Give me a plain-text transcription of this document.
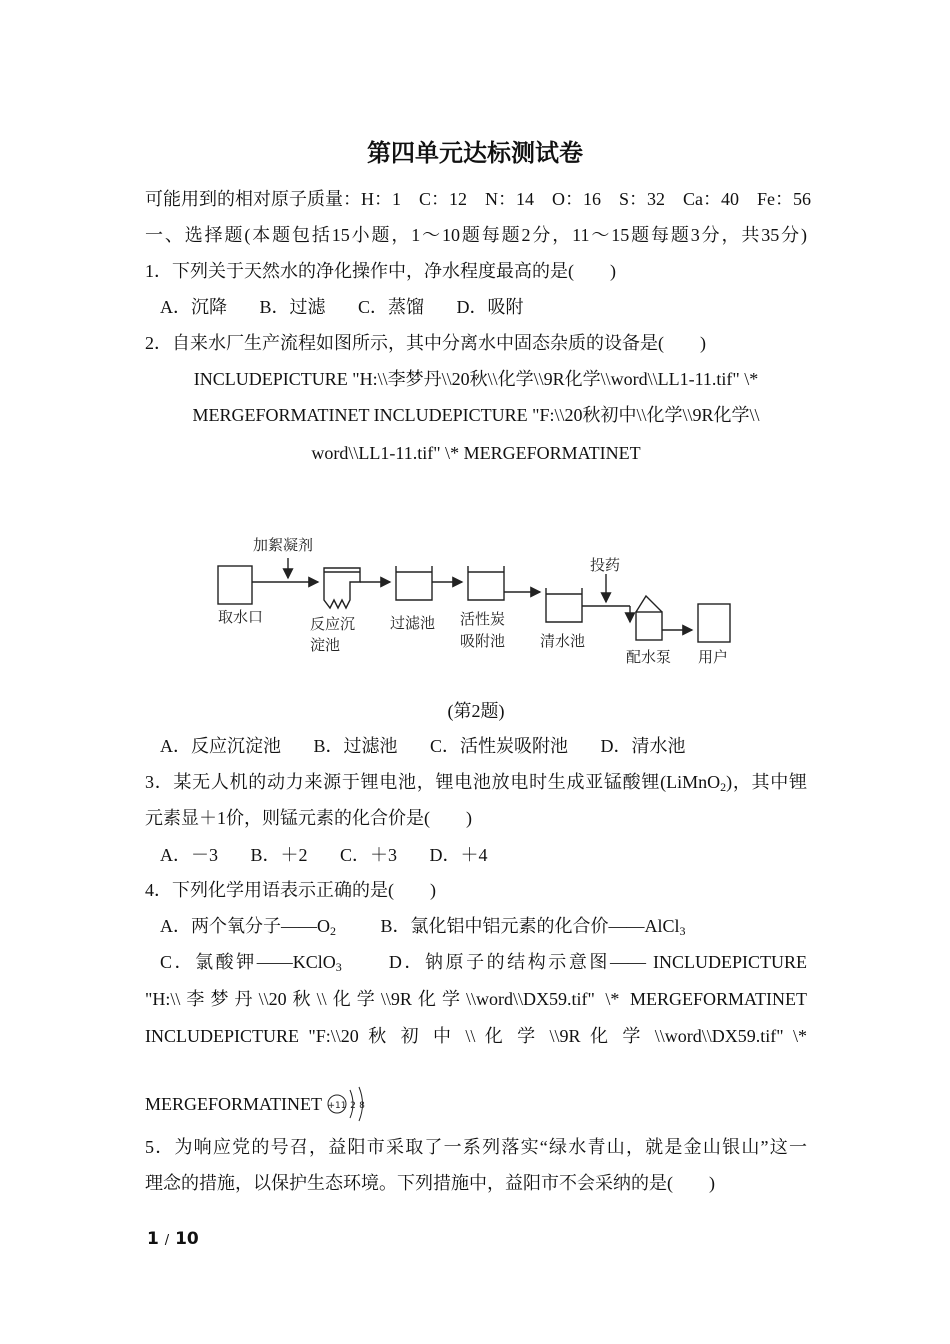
第四单元达标测试卷
可能用到的相对原子质量：H：1　C：12　N：14　O：16　S：32　Ca：40　Fe：56
一、选择题(本题包括15小题，1～10题每题2分，11～15题每题3分，共35分)
1．下列关于天然水的净化操作中，净水程度最高的是(　　)
A．沉降 B．过滤 C．蒸馏 D．吸附
2．自来水厂生产流程如图所示，其中分离水中固态杂质的设备是(　　)
INCLUDEPICTURE "H:\\李梦丹\\20秋\\化学\\9R化学\\word\\LL1-11.tif" \*
MERGEFORMATINET INCLUDEPICTURE "F:\\20秋初中\\化学\\9R化学\\
word\\LL1-11.tif" \* MERGEFORMATINET
加絮凝剂
取水口	反应沉
淀池
过滤池 活性炭
吸附池 清水池
投药
配水泵 用户
(第2题)
A．反应沉淀池 B．过滤池 C．活性炭吸附池 D．清水池
3．某无人机的动力来源于锂电池，锂电池放电时生成亚锰酸锂(LiMnO$_2$)，其中锂
元素显＋1价，则锰元素的化合价是(　　)
A．－3 B．＋2 C．＋3 D．＋4
4．下列化学用语表示正确的是(　　)
A．两个氧分子$——O_2$ B．氯化铝中铝元素的化合价——AlCl$_3$
C．氯酸钾——KClO$_3$	D．钠原子的结构示意图—— INCLUDEPICTURE
"H:\\李梦丹\\20秋\\化学\\9R化学\\word\\DX59.tif" \* MERGEFORMATINET
INCLUDEPICTURE "F:\\20 秋 初 中 \\ 化 学 \\9R 化 学 \\word\\DX59.tif" \*
MERGEFORMATINET +11 2 8
5．为响应党的号召，益阳市采取了一系列落实“绿水青山，就是金山银山”这一
理念的措施，以保护生态环境。下列措施中，益阳市不会采纳的是(　　)
1 / 10
